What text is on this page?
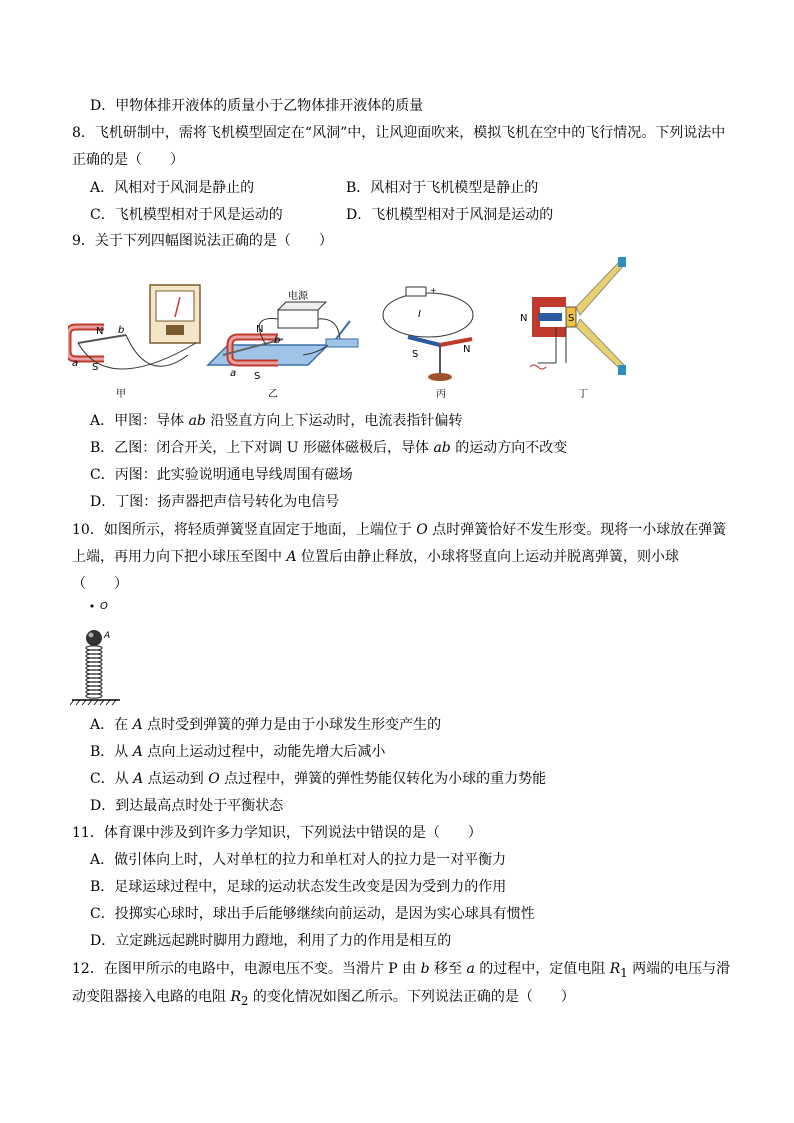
D．甲物体排开液体的质量小于乙物体排开液体的质量
8．飞机研制中，需将飞机模型固定在“风洞”中，让风迎面吹来，模拟飞机在空中的飞行情况。下列说法中
正确的是（　　）
A．风相对于风洞是静止的	B．风相对于飞机模型是静止的
C．飞机模型相对于风是运动的	D．飞机模型相对于风洞是运动的
9．关于下列四幅图说法正确的是（　　）
N
S
b
a
甲
N
S
b
a
电源
乙
+
I
S	N
丙
N	S
丁
A．甲图：导体 ab 沿竖直方向上下运动时，电流表指针偏转
B．乙图：闭合开关，上下对调 U 形磁体磁极后，导体 ab 的运动方向不改变
C．丙图：此实验说明通电导线周围有磁场
D．丁图：扬声器把声信号转化为电信号
10．如图所示，将轻质弹簧竖直固定于地面，上端位于 O 点时弹簧恰好不发生形变。现将一小球放在弹簧
上端，再用力向下把小球压至图中 A 位置后由静止释放，小球将竖直向上运动并脱离弹簧，则小球
（　　）
O
A
A．在 A 点时受到弹簧的弹力是由于小球发生形变产生的
B．从 A 点向上运动过程中，动能先增大后减小
C．从 A 点运动到 O 点过程中，弹簧的弹性势能仅转化为小球的重力势能
D．到达最高点时处于平衡状态
11．体育课中涉及到许多力学知识，下列说法中错误的是（　　）
A．做引体向上时，人对单杠的拉力和单杠对人的拉力是一对平衡力
B．足球运球过程中，足球的运动状态发生改变是因为受到力的作用
C．投掷实心球时，球出手后能够继续向前运动，是因为实心球具有惯性
D．立定跳远起跳时脚用力蹬地，利用了力的作用是相互的
12．在图甲所示的电路中，电源电压不变。当滑片 P 由 b 移至 a 的过程中，定值电阻 $R_1$ 两端的电压与滑
动变阻器接入电路的电阻 $R_2$ 的变化情况如图乙所示。下列说法正确的是（　　）
